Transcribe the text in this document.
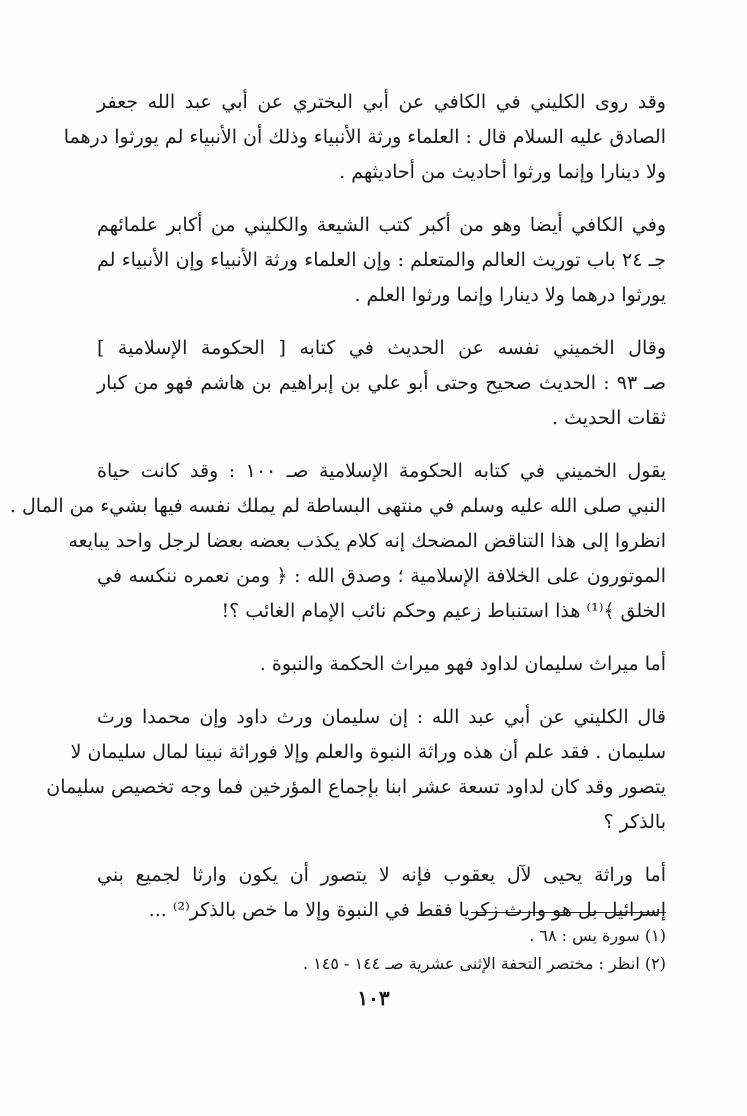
وقد روى الكليني في الكافي عن أبي البختري عن أبي عبد الله جعفر
الصادق عليه السلام قال : العلماء ورثة الأنبياء وذلك أن الأنبياء لم يورثوا درهما
ولا دينارا وإنما ورثوا أحاديث من أحاديثهم .
وفي الكافي أيضا وهو من أكبر كتب الشيعة والكليني من أكابر علمائهم
جـ ٢٤ باب توريث العالم والمتعلم : وإن العلماء ورثة الأنبياء وإن الأنبياء لم
يورثوا درهما ولا دينارا وإنما ورثوا العلم .
وقال الخميني نفسه عن الحديث في كتابه [ الحكومة الإسلامية ]
صـ ٩٣ : الحديث صحيح وحتى أبو علي بن إبراهيم بن هاشم فهو من كبار
ثقات الحديث .
يقول الخميني في كتابه الحكومة الإسلامية صـ ١٠٠ : وقد كانت حياة
النبي صلى الله عليه وسلم في منتهى البساطة لم يملك نفسه فيها بشيء من المال .
انظروا إلى هذا التناقض المضحك إنه كلام يكذب بعضه بعضا لرجل واحد يبايعه
الموتورون على الخلافة الإسلامية ؛ وصدق الله : ﴿ ومن نعمره ننكسه في
الخلق ﴾⁽¹⁾ هذا استنباط زعيم وحكم نائب الإمام الغائب ؟!
أما ميراث سليمان لداود فهو ميراث الحكمة والنبوة .
قال الكليني عن أبي عبد الله : إن سليمان ورث داود وإن محمدا ورث
سليمان . فقد علم أن هذه وراثة النبوة والعلم وإلا فوراثة نبينا لمال سليمان لا
يتصور وقد كان لداود تسعة عشر ابنا بإجماع المؤرخين فما وجه تخصيص سليمان
بالذكر ؟
أما وراثة يحيى لآل يعقوب فإنه لا يتصور أن يكون وارثا لجميع بني
إسرائيل بل هو وارث زكريا فقط في النبوة وإلا ما خص بالذكر⁽²⁾ ...
(١) سورة يس : ٦٨ .
(٢) انظر : مختصر التحفة الإثنى عشرية صـ ١٤٤ - ١٤٥ .
١٠٣
